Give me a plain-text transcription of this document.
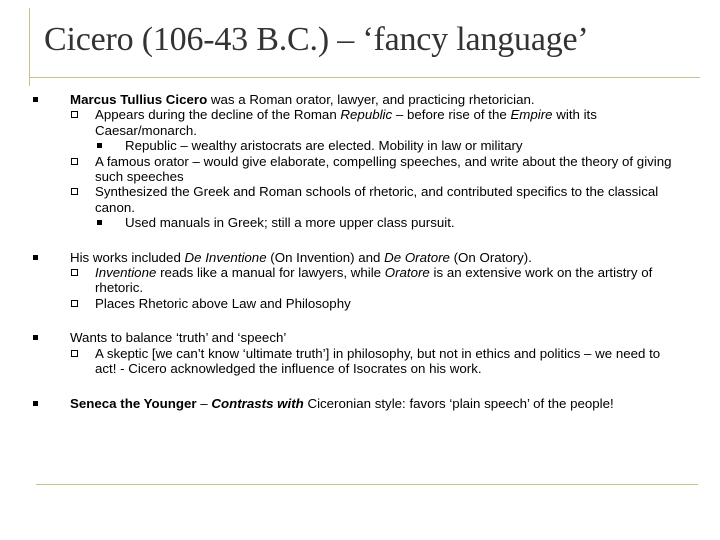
Cicero (106-43 B.C.) – ‘fancy language’
Marcus Tullius Cicero was a Roman orator, lawyer, and practicing rhetorician.
Appears during the decline of the Roman Republic – before rise of the Empire with its Caesar/monarch.
Republic – wealthy aristocrats are elected. Mobility in law or military
A famous orator – would give elaborate, compelling speeches, and write about the theory of giving such speeches
Synthesized the Greek and Roman schools of rhetoric, and contributed specifics to the classical canon.
Used manuals in Greek; still a more upper class pursuit.
His works included De Inventione (On Invention) and De Oratore (On Oratory).
Inventione reads like a manual for lawyers, while Oratore is an extensive work on the artistry of rhetoric.
Places Rhetoric above Law and Philosophy
Wants to balance ‘truth’ and ‘speech’
A skeptic [we can’t know ‘ultimate truth’] in philosophy, but not in ethics and politics – we need to act! - Cicero acknowledged the influence of Isocrates on his work.
Seneca the Younger – Contrasts with Ciceronian style: favors ‘plain speech’ of the people!
